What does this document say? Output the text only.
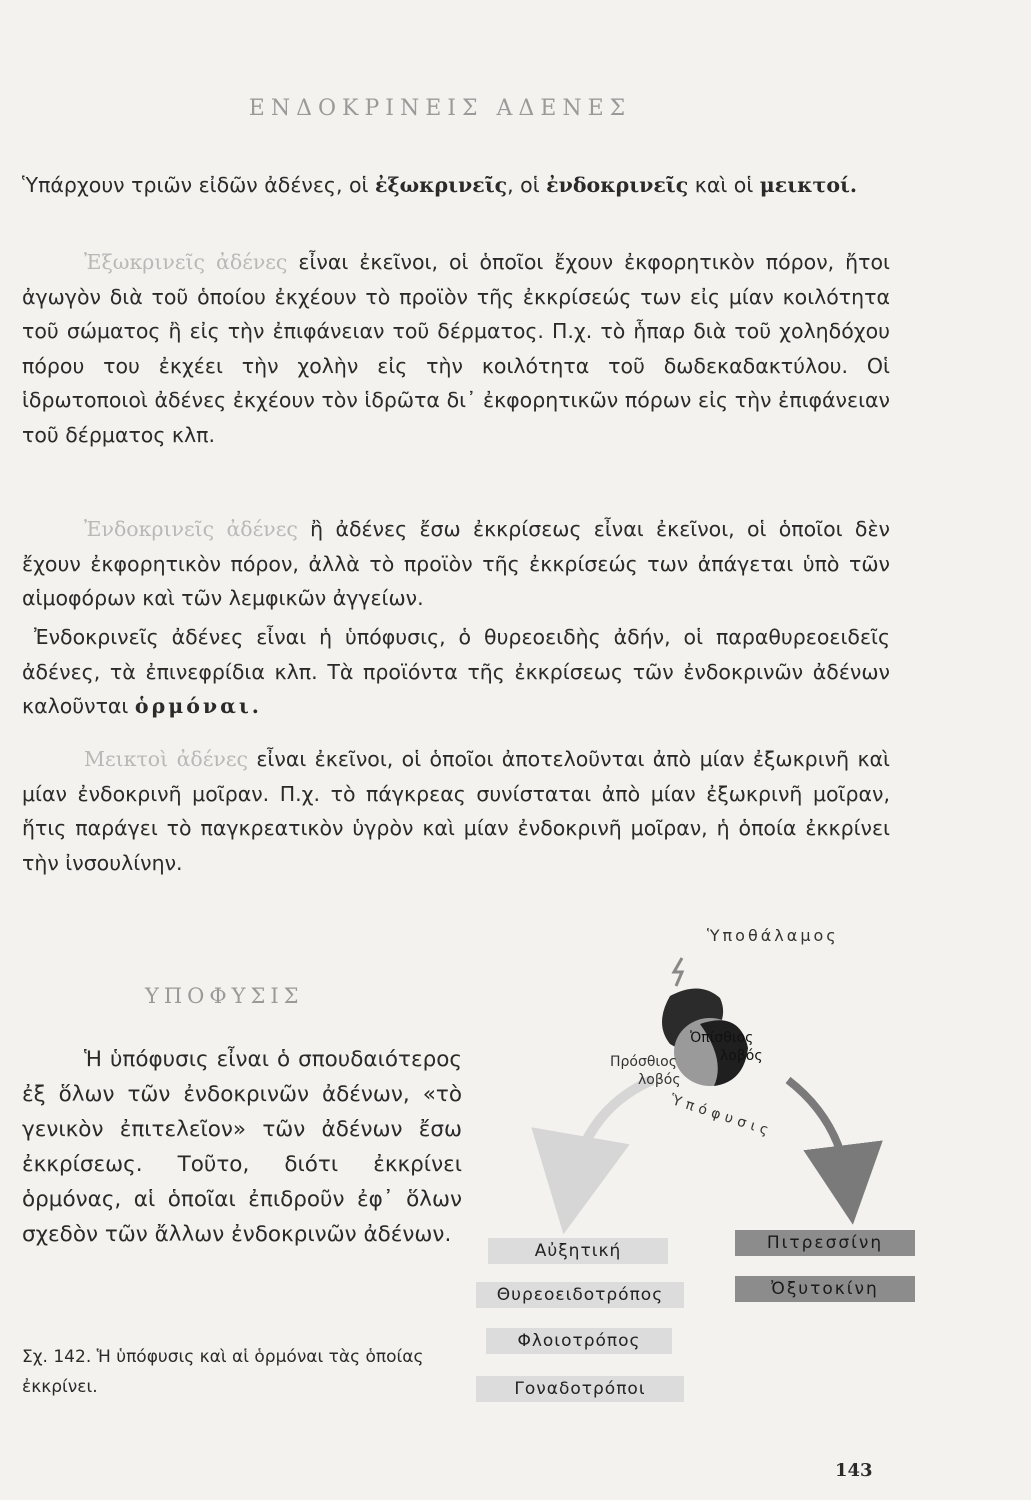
ΕΝΔΟΚΡΙΝΕΙΣ ΑΔΕΝΕΣ

Ὑπάρχουν τριῶν εἰδῶν ἀδένες, οἱ ἐξωκρινεῖς, οἱ ἐνδοκρινεῖς καὶ οἱ μεικτοί.

Ἐξωκρινεῖς ἀδένες εἶναι ἐκεῖνοι, οἱ ὁποῖοι ἔχουν ἐκφορητικὸν πόρον, ἤτοι ἀγωγὸν διὰ τοῦ ὁποίου ἐκχέουν τὸ προϊὸν τῆς ἐκκρίσεώς των εἰς μίαν κοιλότητα τοῦ σώματος ἢ εἰς τὴν ἐπιφάνειαν τοῦ δέρματος. Π.χ. τὸ ἧπαρ διὰ τοῦ χοληδόχου πόρου του ἐκχέει τὴν χολὴν εἰς τὴν κοιλότητα τοῦ δωδεκαδακτύλου. Οἱ ἱδρωτοποιοὶ ἀδένες ἐκχέουν τὸν ἱδρῶτα δι᾿ ἐκφορητικῶν πόρων εἰς τὴν ἐπιφάνειαν τοῦ δέρματος κλπ.

Ἐνδοκρινεῖς ἀδένες ἢ ἀδένες ἔσω ἐκκρίσεως εἶναι ἐκεῖνοι, οἱ ὁποῖοι δὲν ἔχουν ἐκφορητικὸν πόρον, ἀλλὰ τὸ προϊὸν τῆς ἐκκρίσεώς των ἀπάγεται ὑπὸ τῶν αἱμοφόρων καὶ τῶν λεμφικῶν ἀγγείων.

Ἐνδοκρινεῖς ἀδένες εἶναι ἡ ὑπόφυσις, ὁ θυρεοειδὴς ἀδήν, οἱ παραθυρεοειδεῖς ἀδένες, τὰ ἐπινεφρίδια κλπ. Τὰ προϊόντα τῆς ἐκκρίσεως τῶν ἐνδοκρινῶν ἀδένων καλοῦνται ὁρμόναι.

Μεικτοὶ ἀδένες εἶναι ἐκεῖνοι, οἱ ὁποῖοι ἀποτελοῦνται ἀπὸ μίαν ἐξωκρινῆ καὶ μίαν ἐνδοκρινῆ μοῖραν. Π.χ. τὸ πάγκρεας συνίσταται ἀπὸ μίαν ἐξωκρινῆ μοῖραν, ἥτις παράγει τὸ παγκρεατικὸν ὑγρὸν καὶ μίαν ἐνδοκρινῆ μοῖραν, ἡ ὁποία ἐκκρίνει τὴν ἰνσουλίνην.

ΥΠΟΦΥΣΙΣ

Ἡ ὑπόφυσις εἶναι ὁ σπουδαιότερος ἐξ ὅλων τῶν ἐνδοκρινῶν ἀδένων, «τὸ γενικὸν ἐπιτελεῖον» τῶν ἀδένων ἔσω ἐκκρίσεως. Τοῦτο, διότι ἐκκρίνει ὁρμόνας, αἱ ὁποῖαι ἐπιδροῦν ἐφ᾿ ὅλων σχεδὸν τῶν ἄλλων ἐνδοκρινῶν ἀδένων.

Σχ. 142. Ἡ ὑπόφυσις καὶ αἱ ὁρμόναι τὰς ὁποίας ἐκκρίνει.

Ὑποθάλαμος
Ὀπίσθιος
λοβός
Πρόσθιος
λοβός
Ὑπόφυσις
Αὐξητική
Θυρεοειδοτρόπος
Φλοιοτρόπος
Γοναδοτρόποι
Πιτρεσσίνη
Ὀξυτοκίνη
143
